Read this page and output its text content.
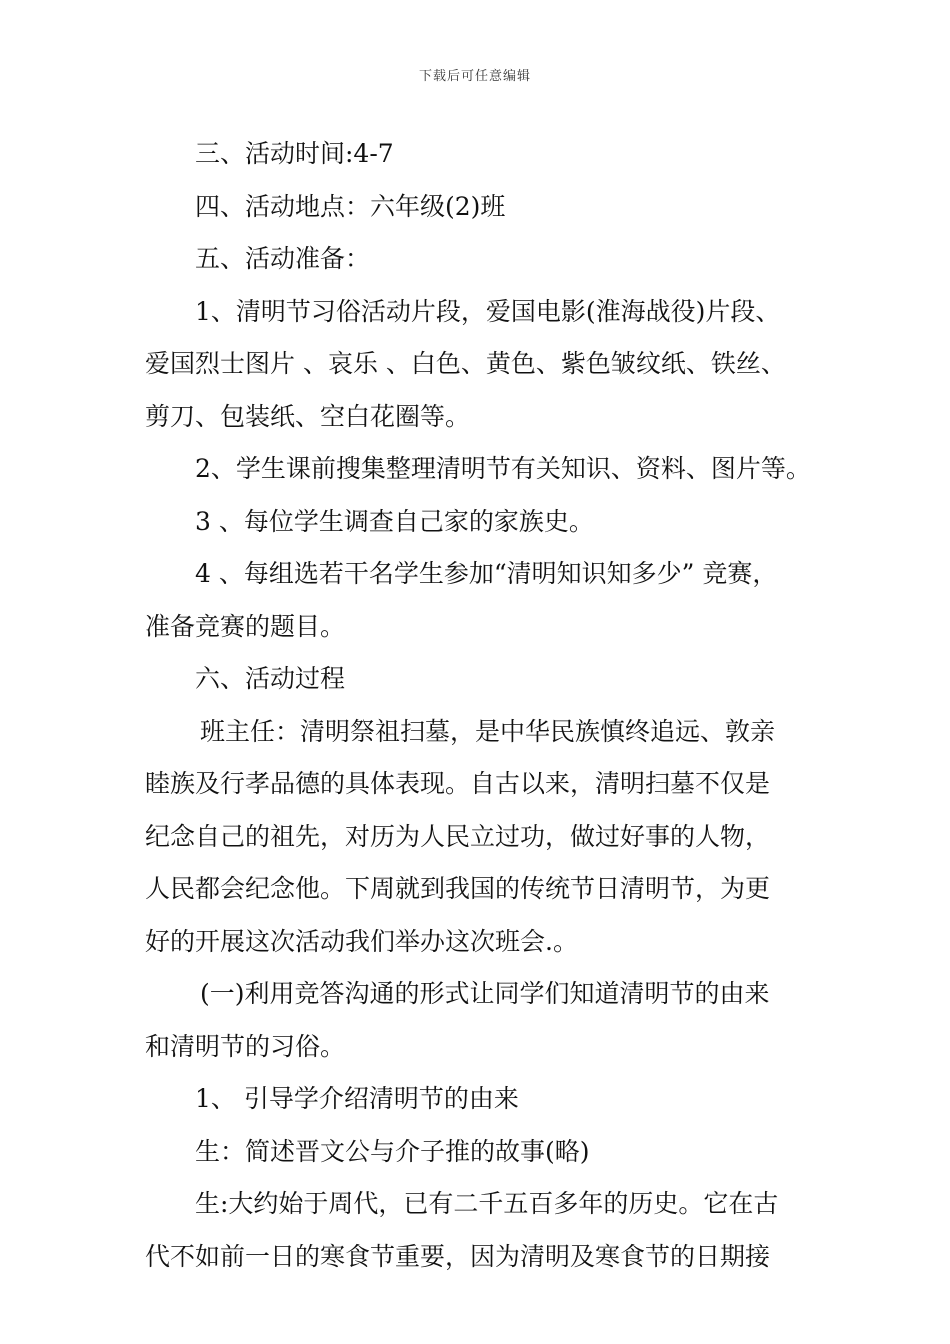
下载后可任意编辑
三、活动时间:4-7
四、活动地点：六年级(2)班
五、活动准备：
1、清明节习俗活动片段，爱国电影(淮海战役)片段、
爱国烈士图片 、哀乐 、白色、黄色、紫色皱纹纸、铁丝、
剪刀、包装纸、空白花圈等。
2、学生课前搜集整理清明节有关知识、资料、图片等。
3 、每位学生调查自己家的家族史。
4 、每组选若干名学生参加“清明知识知多少” 竞赛，
准备竞赛的题目。
六、活动过程
班主任：清明祭祖扫墓，是中华民族慎终追远、敦亲
睦族及行孝品德的具体表现。自古以来，清明扫墓不仅是
纪念自己的祖先，对历为人民立过功，做过好事的人物，
人民都会纪念他。下周就到我国的传统节日清明节，为更
好的开展这次活动我们举办这次班会.。
(一)利用竞答沟通的形式让同学们知道清明节的由来
和清明节的习俗。
1、 引导学介绍清明节的由来
生：简述晋文公与介子推的故事(略)
生:大约始于周代，已有二千五百多年的历史。它在古
代不如前一日的寒食节重要，因为清明及寒食节的日期接
